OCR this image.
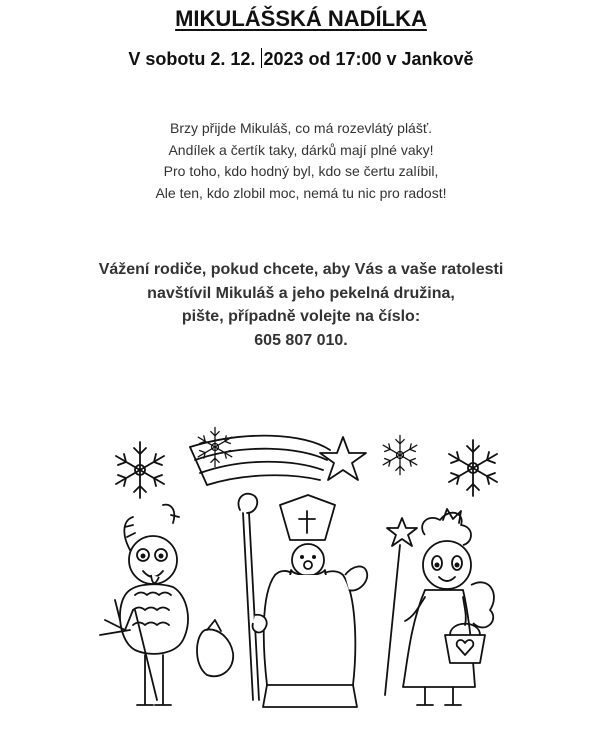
MIKULÁŠSKÁ NADÍLKA
V sobotu 2. 12. 2023 od 17:00 v Jankově
Brzy přijde Mikuláš, co má rozevlátý plášť.
Andílek a čertík taky, dárků mají plné vaky!
Pro toho, kdo hodný byl, kdo se čertu zalíbil,
Ale ten, kdo zlobil moc, nemá tu nic pro radost!
Vážení rodiče, pokud chcete, aby Vás a vaše ratolesti
navštívil Mikuláš a jeho pekelná družina,
pište, případně volejte na číslo:
605 807 010.
